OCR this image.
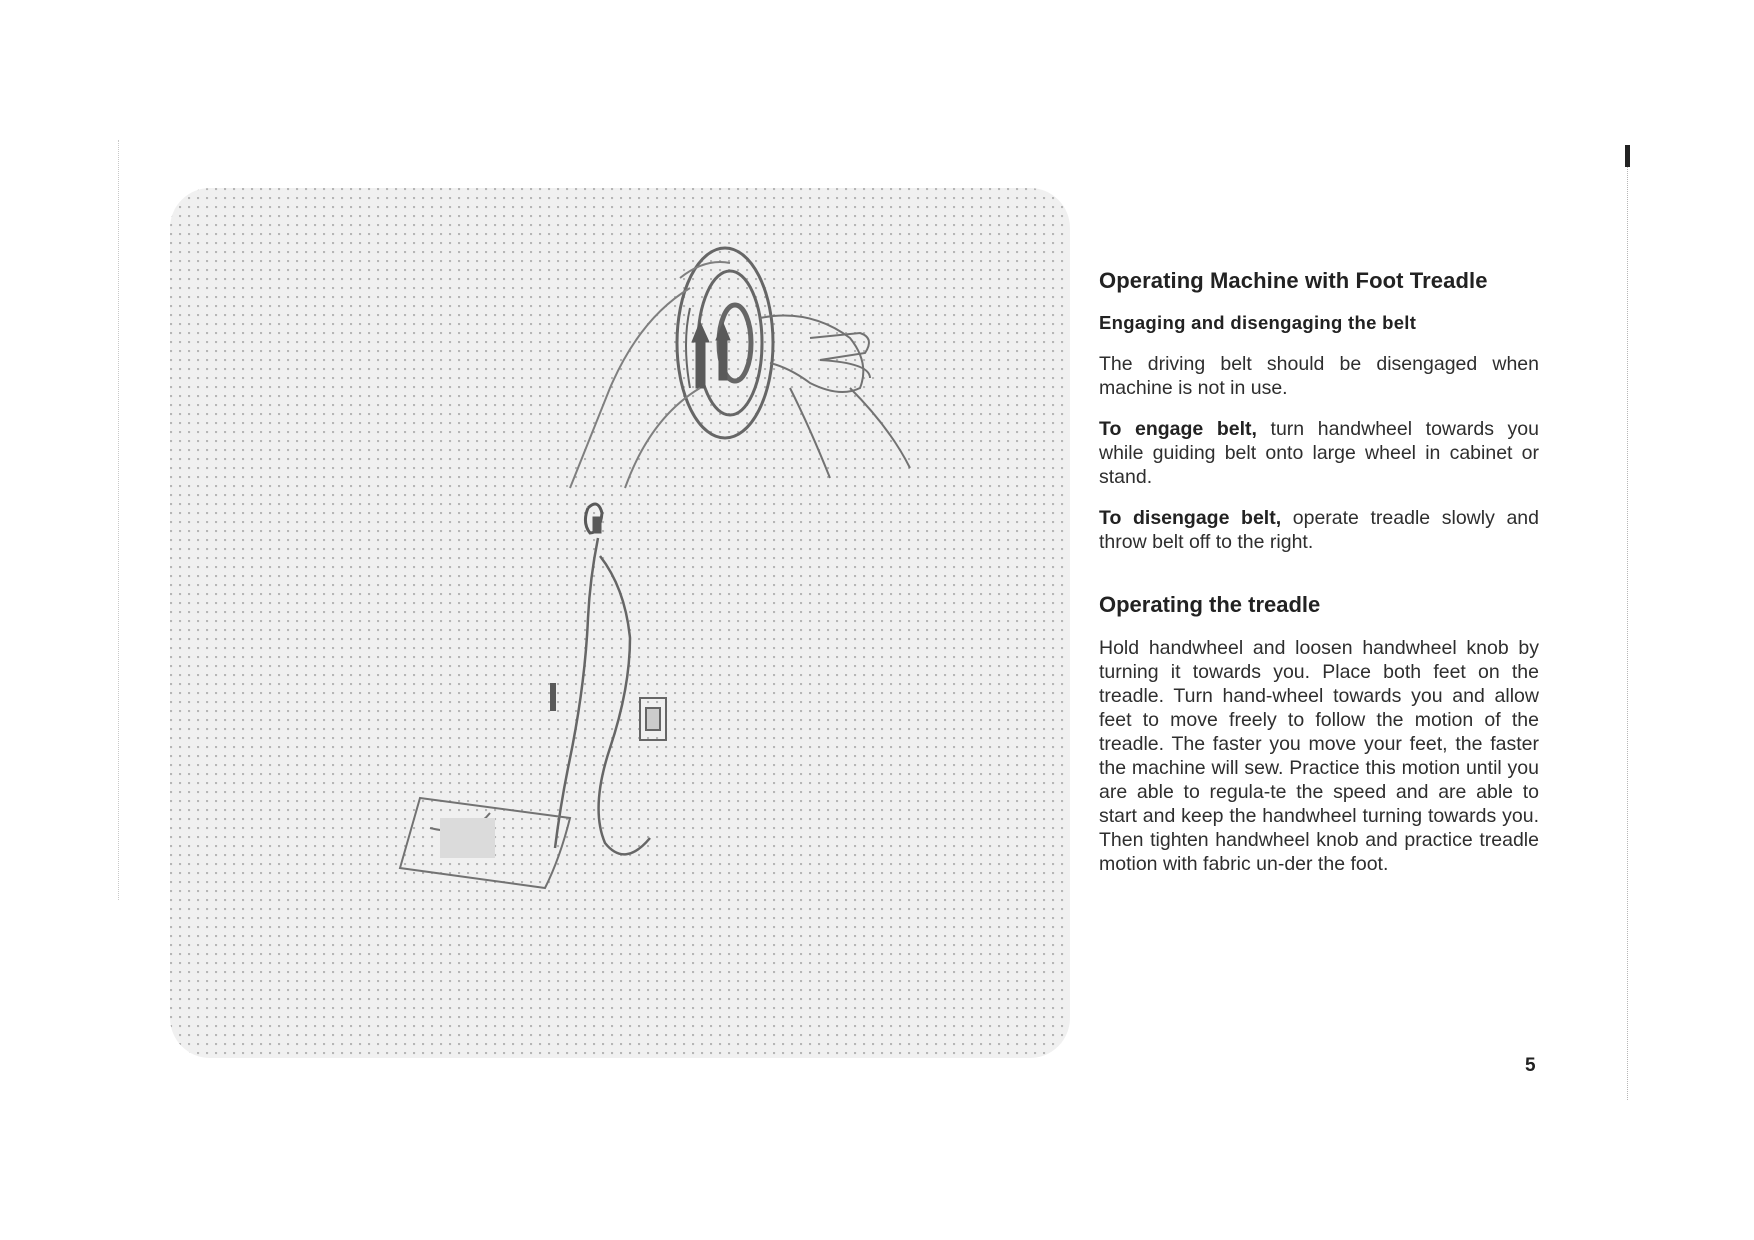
Operating Machine with Foot Treadle
Engaging and disengaging the belt

The driving belt should be disengaged when machine is not in use.

To engage belt, turn handwheel towards you while guiding belt onto large wheel in cabinet or stand.

To disengage belt, operate treadle slowly and throw belt off to the right.

Operating the treadle

Hold handwheel and loosen handwheel knob by turning it towards you. Place both feet on the treadle. Turn hand-wheel towards you and allow feet to move freely to follow the motion of the treadle. The faster you move your feet, the faster the machine will sew. Practice this motion until you are able to regula-te the speed and are able to start and keep the handwheel turning towards you. Then tighten handwheel knob and practice treadle motion with fabric un-der the foot.

5
